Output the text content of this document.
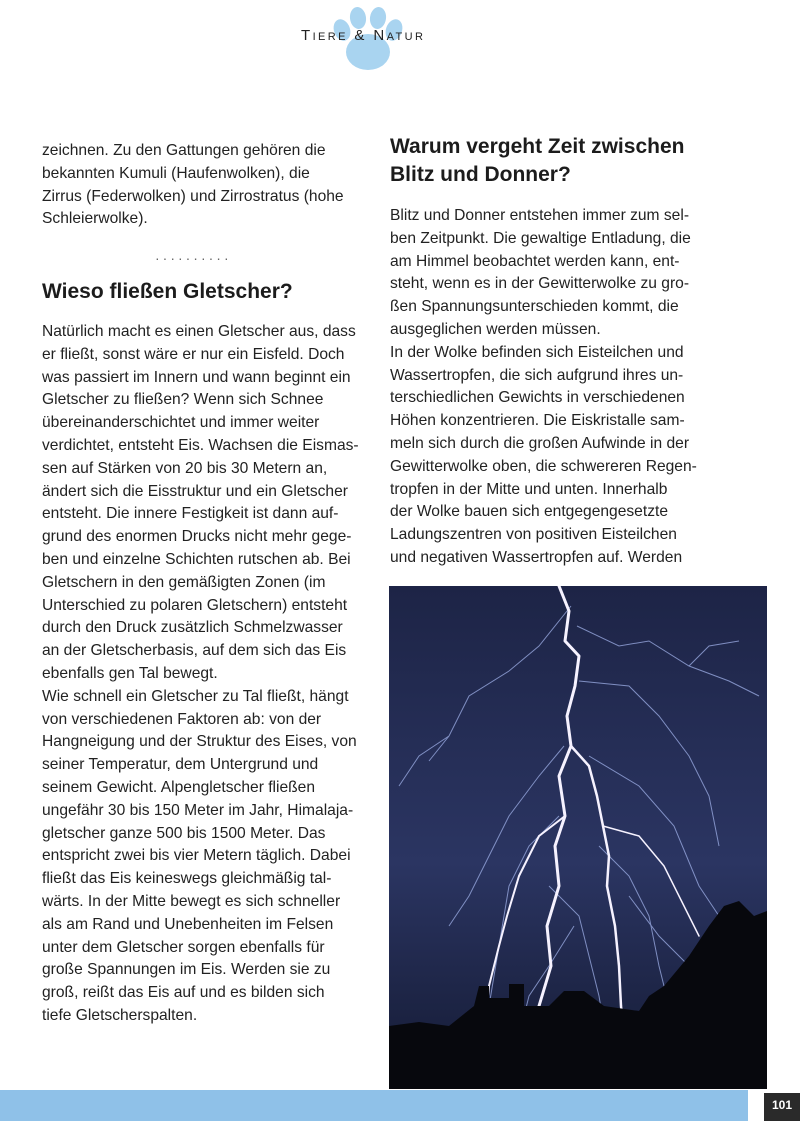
Tiere & Natur
zeichnen. Zu den Gattungen gehören die
bekannten Kumuli (Haufenwolken), die
Zirrus (Federwolken) und Zirrostratus (hohe
Schleierwolke).
··········
Wieso fließen Gletscher?
Natürlich macht es einen Gletscher aus, dass
er fließt, sonst wäre er nur ein Eisfeld. Doch
was passiert im Innern und wann beginnt ein
Gletscher zu fließen? Wenn sich Schnee
übereinanderschichtet und immer weiter
verdichtet, entsteht Eis. Wachsen die Eismas-
sen auf Stärken von 20 bis 30 Metern an,
ändert sich die Eisstruktur und ein Gletscher
entsteht. Die innere Festigkeit ist dann auf-
grund des enormen Drucks nicht mehr gege-
ben und einzelne Schichten rutschen ab. Bei
Gletschern in den gemäßigten Zonen (im
Unterschied zu polaren Gletschern) entsteht
durch den Druck zusätzlich Schmelzwasser
an der Gletscherbasis, auf dem sich das Eis
ebenfalls gen Tal bewegt.
Wie schnell ein Gletscher zu Tal fließt, hängt
von verschiedenen Faktoren ab: von der
Hangneigung und der Struktur des Eises, von
seiner Temperatur, dem Untergrund und
seinem Gewicht. Alpengletscher fließen
ungefähr 30 bis 150 Meter im Jahr, Himalaja-
gletscher ganze 500 bis 1500 Meter. Das
entspricht zwei bis vier Metern täglich. Dabei
fließt das Eis keineswegs gleichmäßig tal-
wärts. In der Mitte bewegt es sich schneller
als am Rand und Unebenheiten im Felsen
unter dem Gletscher sorgen ebenfalls für
große Spannungen im Eis. Werden sie zu
groß, reißt das Eis auf und es bilden sich
tiefe Gletscherspalten.
Warum vergeht Zeit zwischen
Blitz und Donner?
Blitz und Donner entstehen immer zum sel-
ben Zeitpunkt. Die gewaltige Entladung, die
am Himmel beobachtet werden kann, ent-
steht, wenn es in der Gewitterwolke zu gro-
ßen Spannungsunterschieden kommt, die
ausgeglichen werden müssen.
In der Wolke befinden sich Eisteilchen und
Wassertropfen, die sich aufgrund ihres un-
terschiedlichen Gewichts in verschiedenen
Höhen konzentrieren. Die Eiskristalle sam-
meln sich durch die großen Aufwinde in der
Gewitterwolke oben, die schwereren Regen-
tropfen in der Mitte und unten. Innerhalb
der Wolke bauen sich entgegengesetzte
Ladungszentren von positiven Eisteilchen
und negativen Wassertropfen auf. Werden
101
